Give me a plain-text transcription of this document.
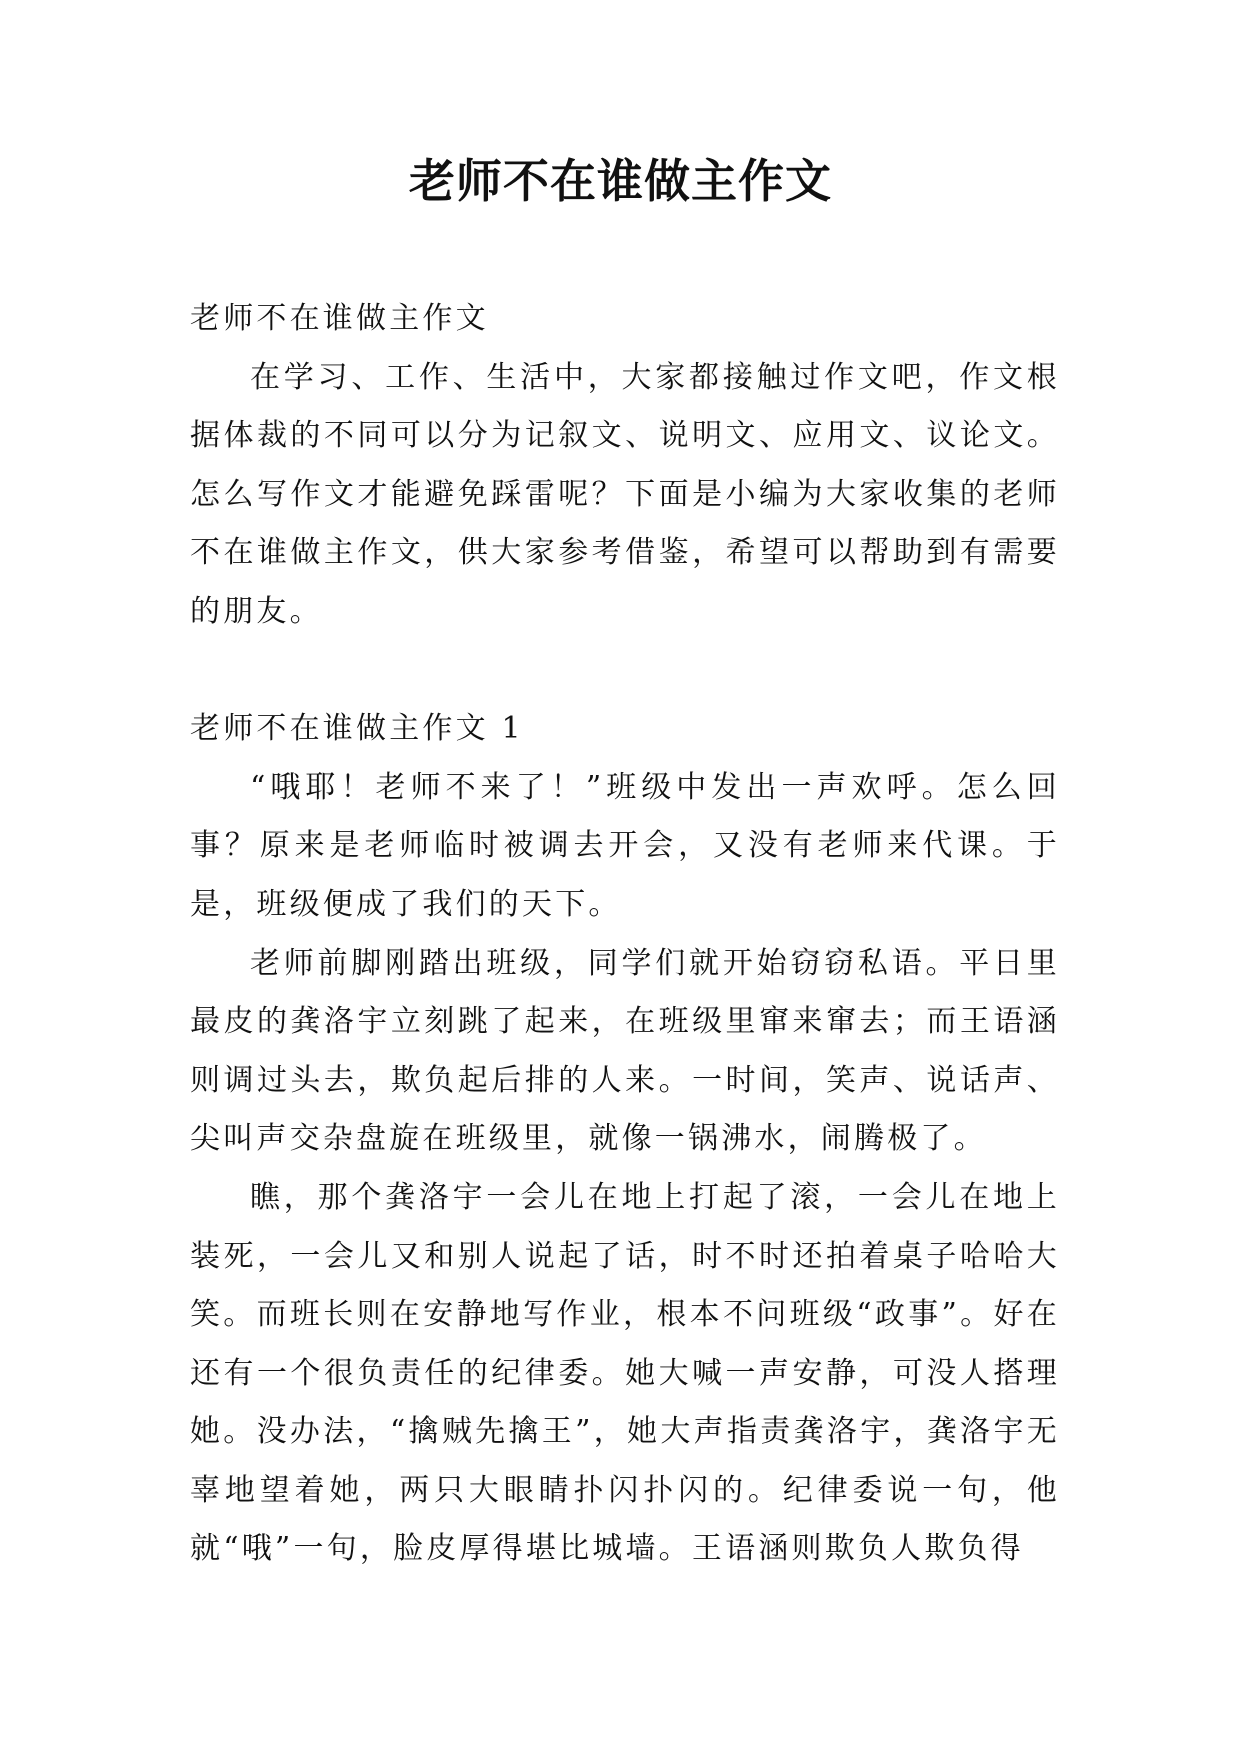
老师不在谁做主作文

老师不在谁做主作文

在学习、工作、生活中，大家都接触过作文吧，作文根据体裁的不同可以分为记叙文、说明文、应用文、议论文。怎么写作文才能避免踩雷呢？下面是小编为大家收集的老师不在谁做主作文，供大家参考借鉴，希望可以帮助到有需要的朋友。

老师不在谁做主作文 1

“哦耶！老师不来了！”班级中发出一声欢呼。怎么回事？原来是老师临时被调去开会，又没有老师来代课。于是，班级便成了我们的天下。

老师前脚刚踏出班级，同学们就开始窃窃私语。平日里最皮的龚洛宇立刻跳了起来，在班级里窜来窜去；而王语涵则调过头去，欺负起后排的人来。一时间，笑声、说话声、尖叫声交杂盘旋在班级里，就像一锅沸水，闹腾极了。

瞧，那个龚洛宇一会儿在地上打起了滚，一会儿在地上装死，一会儿又和别人说起了话，时不时还拍着桌子哈哈大笑。而班长则在安静地写作业，根本不问班级“政事”。好在还有一个很负责任的纪律委。她大喊一声安静，可没人搭理她。没办法，“擒贼先擒王”，她大声指责龚洛宇，龚洛宇无辜地望着她，两只大眼睛扑闪扑闪的。纪律委说一句，他就“哦”一句，脸皮厚得堪比城墙。王语涵则欺负人欺负得
